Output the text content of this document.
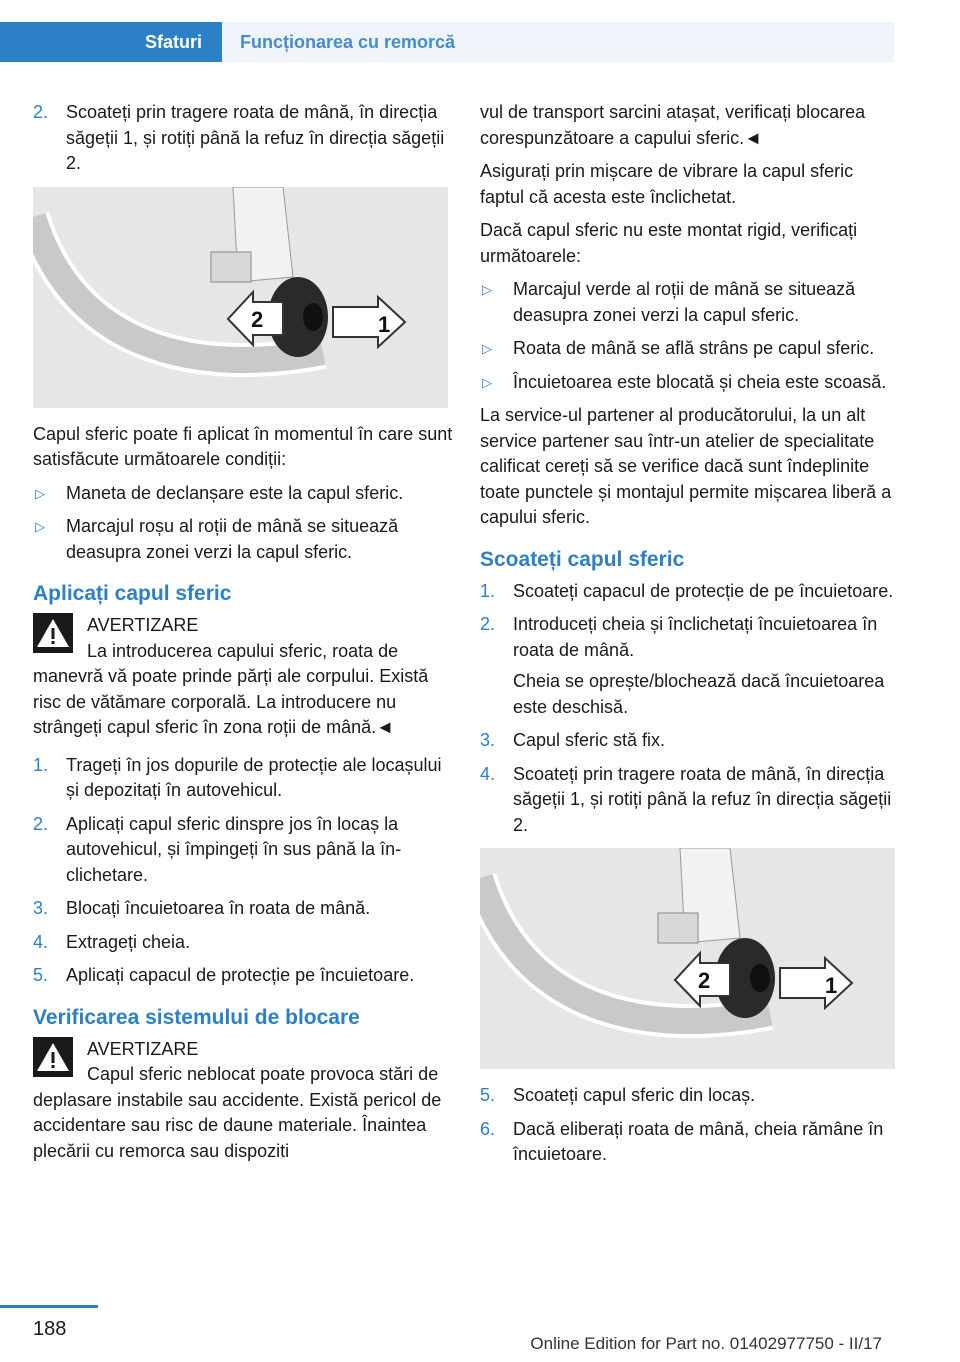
Sfaturi	Funcționarea cu remorcă
2. Scoateți prin tragere roata de mână, în direcția săgeții 1, și rotiți până la refuz în direcția săgeții 2.
1
2

Capul sferic poate fi aplicat în momentul în care sunt satisfăcute următoarele condiții:

▷ Maneta de declanșare este la capul sferic.
▷ Marcajul roșu al roții de mână se situează deasupra zonei verzi la capul sferic.
Aplicați capul sferic
AVERTIZARE
La introducerea capului sferic, roata de manevră vă poate prinde părți ale corpului. Există risc de vătămare corporală. La introducere nu strângeți capul sferic în zona roții de mână.◄
1. Trageți în jos dopurile de protecție ale locașului și depozitați în autovehicul.
2. Aplicați capul sferic dinspre jos în locaș la autovehicul, și împingeți în sus până la înclichetare.
3. Blocați încuietoarea în roata de mână.
4. Extrageți cheia.
5. Aplicați capacul de protecție pe încuietoare.
Verificarea sistemului de blocare
AVERTIZARE
Capul sferic neblocat poate provoca stări de deplasare instabile sau accidente. Există pericol de accidentare sau risc de daune materiale. Înaintea plecării cu remorca sau dispoziti

vul de transport sarcini atașat, verificați blocarea corespunzătoare a capului sferic.◄

Asigurați prin mișcare de vibrare la capul sferic faptul că acesta este înclichetat.

Dacă capul sferic nu este montat rigid, verificați următoarele:

▷ Marcajul verde al roții de mână se situează deasupra zonei verzi la capul sferic.
▷ Roata de mână se află strâns pe capul sferic.
▷ Încuietoarea este blocată și cheia este scoasă.

La service-ul partener al producătorului, la un alt service partener sau într-un atelier de specialitate calificat cereți să se verifice dacă sunt îndeplinite toate punctele și montajul permite mișcarea liberă a capului sferic.

Scoateți capul sferic
1. Scoateți capacul de protecție de pe încuietoare.
2. Introduceți cheia și înclichetați încuietoarea în roata de mână.
Cheia se oprește/blochează dacă încuietoarea este deschisă.
3. Capul sferic stă fix.
4. Scoateți prin tragere roata de mână, în direcția săgeții 1, și rotiți până la refuz în direcția săgeții 2.
1
2
5. Scoateți capul sferic din locaș.
6. Dacă eliberați roata de mână, cheia rămâne în încuietoare.
188
Online Edition for Part no. 01402977750 - II/17
